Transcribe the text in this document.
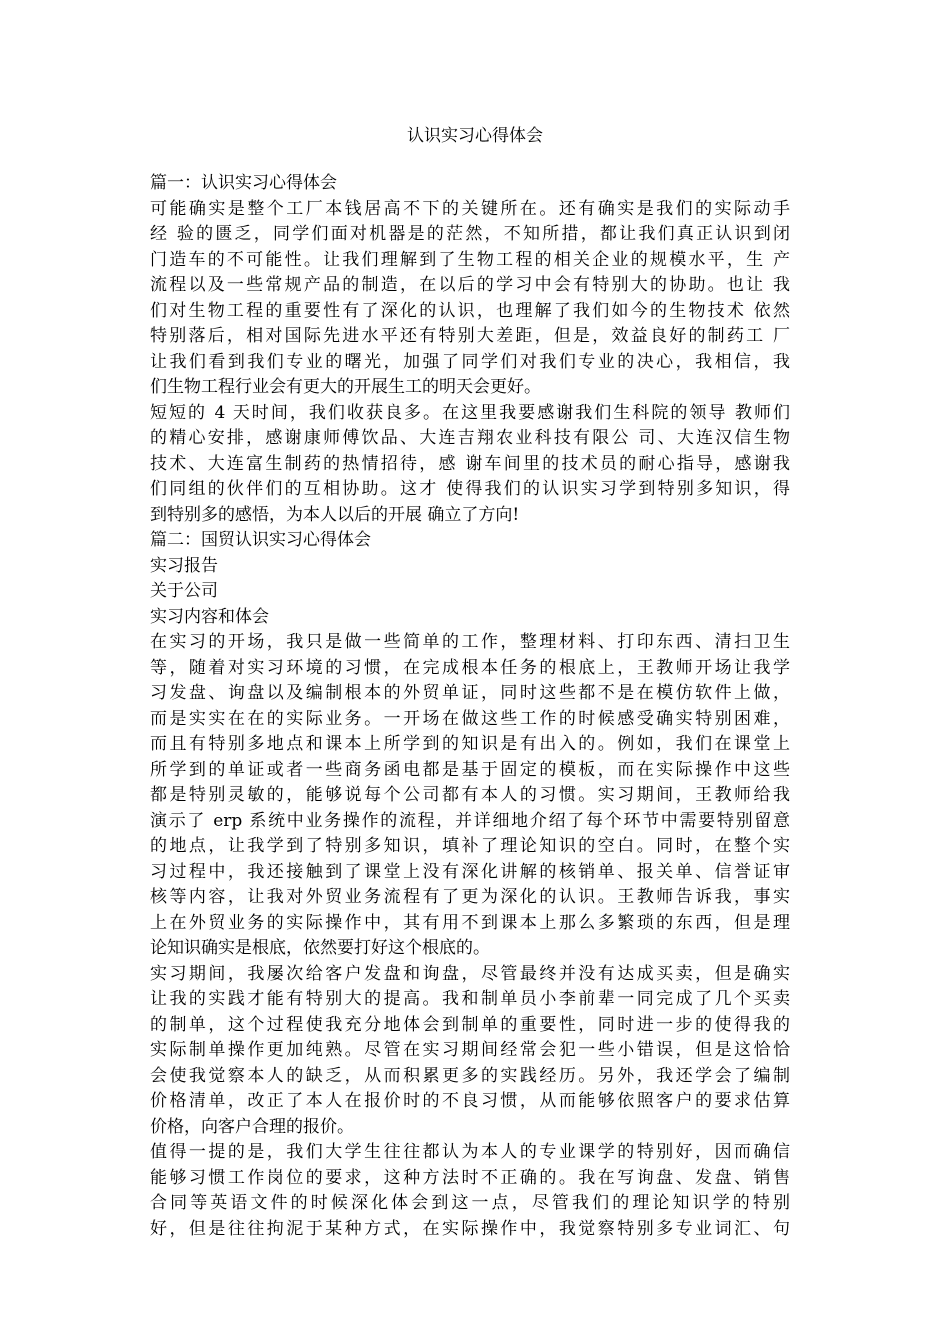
认识实习心得体会
篇一：认识实习心得体会
可能确实是整个工厂本钱居高不下的关键所在。还有确实是我们的实际动手
经 验的匮乏，同学们面对机器是的茫然，不知所措，都让我们真正认识到闭
门造车的不可能性。让我们理解到了生物工程的相关企业的规模水平，生 产
流程以及一些常规产品的制造，在以后的学习中会有特别大的协助。也让 我
们对生物工程的重要性有了深化的认识，也理解了我们如今的生物技术 依然
特别落后，相对国际先进水平还有特别大差距，但是，效益良好的制药工 厂
让我们看到我们专业的曙光，加强了同学们对我们专业的决心，我相信，我
们生物工程行业会有更大的开展生工的明天会更好。
短短的 4 天时间，我们收获良多。在这里我要感谢我们生科院的领导 教师们
的精心安排，感谢康师傅饮品、大连吉翔农业科技有限公 司、大连汉信生物
技术、大连富生制药的热情招待，感 谢车间里的技术员的耐心指导，感谢我
们同组的伙伴们的互相协助。这才 使得我们的认识实习学到特别多知识，得
到特别多的感悟，为本人以后的开展 确立了方向!
篇二：国贸认识实习心得体会
实习报告
关于公司
实习内容和体会
在实习的开场，我只是做一些简单的工作，整理材料、打印东西、清扫卫生
等，随着对实习环境的习惯，在完成根本任务的根底上，王教师开场让我学
习发盘、询盘以及编制根本的外贸单证，同时这些都不是在模仿软件上做，
而是实实在在的实际业务。一开场在做这些工作的时候感受确实特别困难，
而且有特别多地点和课本上所学到的知识是有出入的。例如，我们在课堂上
所学到的单证或者一些商务函电都是基于固定的模板，而在实际操作中这些
都是特别灵敏的，能够说每个公司都有本人的习惯。实习期间，王教师给我
演示了 erp 系统中业务操作的流程，并详细地介绍了每个环节中需要特别留意
的地点，让我学到了特别多知识，填补了理论知识的空白。同时，在整个实
习过程中，我还接触到了课堂上没有深化讲解的核销单、报关单、信誉证审
核等内容，让我对外贸业务流程有了更为深化的认识。王教师告诉我，事实
上在外贸业务的实际操作中，其有用不到课本上那么多繁琐的东西，但是理
论知识确实是根底，依然要打好这个根底的。
实习期间，我屡次给客户发盘和询盘，尽管最终并没有达成买卖，但是确实
让我的实践才能有特别大的提高。我和制单员小李前辈一同完成了几个买卖
的制单，这个过程使我充分地体会到制单的重要性，同时进一步的使得我的
实际制单操作更加纯熟。尽管在实习期间经常会犯一些小错误，但是这恰恰
会使我觉察本人的缺乏，从而积累更多的实践经历。另外，我还学会了编制
价格清单，改正了本人在报价时的不良习惯，从而能够依照客户的要求估算
价格，向客户合理的报价。
值得一提的是，我们大学生往往都认为本人的专业课学的特别好，因而确信
能够习惯工作岗位的要求，这种方法时不正确的。我在写询盘、发盘、销售
合同等英语文件的时候深化体会到这一点，尽管我们的理论知识学的特别
好，但是往往拘泥于某种方式，在实际操作中，我觉察特别多专业词汇、句
